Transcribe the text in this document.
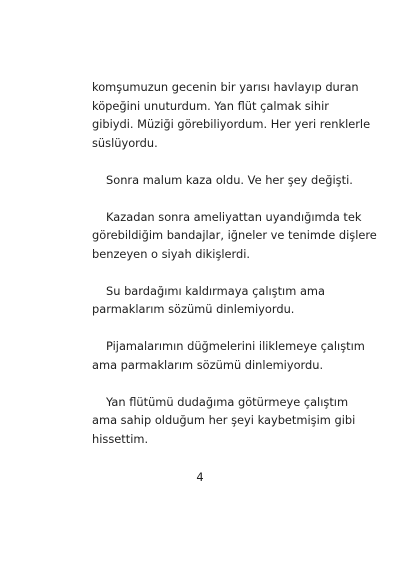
komşumuzun gecenin bir yarısı havlayıp duran
köpeğini unuturdum. Yan flüt çalmak sihir
gibiydi. Müziği görebiliyordum. Her yeri renklerle
süslüyordu.

Sonra malum kaza oldu. Ve her şey değişti.

Kazadan sonra ameliyattan uyandığımda tek
görebildiğim bandajlar, iğneler ve tenimde dişlere
benzeyen o siyah dikişlerdi.

Su bardağımı kaldırmaya çalıştım ama
parmaklarım sözümü dinlemiyordu.

Pijamalarımın düğmelerini iliklemeye çalıştım
ama parmaklarım sözümü dinlemiyordu.

Yan flütümü dudağıma götürmeye çalıştım
ama sahip olduğum her şeyi kaybetmişim gibi
hissettim.

4
